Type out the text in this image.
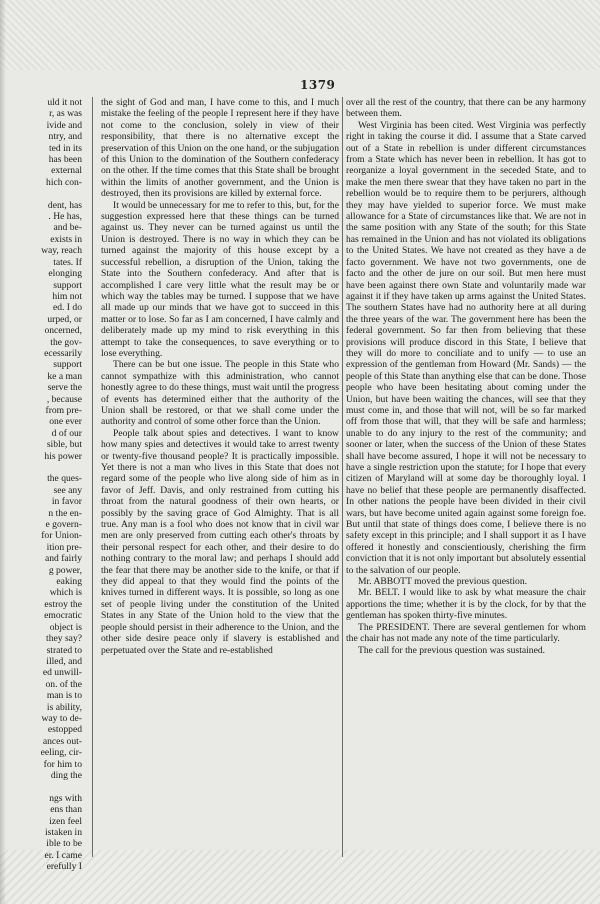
1379
uld it not
r, as was
ivide and
ntry, and
ted in its
has been
external
hich con-

dent, has
. He has,
and be-
exists in
way, reach
tates. If
elonging
support
him not
ed. I do
urped, or
oncerned,
the gov-
ecessarily
support
ke a man
serve the
, because
from pre-
one ever
d of our
sible, but
his power

the ques-
see any
in favor
n the en-
e govern-
for Union-
ition pre-
and fairly
g power,
eaking
which is
estroy the
emocratic
object is
they say?
strated to
illed, and
ed unwill-
on. of the
man is to
is ability,
way to de-
estopped
ances out-
eeling, cir-
for him to
ding the

ngs with
ens than
izen feel
istaken in
ible to be
er. I came
erefully I

the sight of God and man, I have come to this, and I much mistake the feeling of the people I represent here if they have not come to the conclusion, solely in view of their responsibility, that there is no alternative except the preservation of this Union on the one hand, or the subjugation of this Union to the domination of the Southern confederacy on the other. If the time comes that this State shall be brought within the limits of another government, and the Union is destroyed, then its provisions are killed by external force.

It would be unnecessary for me to refer to this, but, for the suggestion expressed here that these things can be turned against us. They never can be turned against us until the Union is destroyed. There is no way in which they can be turned against the majority of this house except by a successful rebellion, a disruption of the Union, taking the State into the Southern confederacy. And after that is accomplished I care very little what the result may be or which way the tables may be turned. I suppose that we have all made up our minds that we have got to succeed in this matter or to lose. So far as I am concerned, I have calmly and deliberately made up my mind to risk everything in this attempt to take the consequences, to save everything or to lose everything.

There can be but one issue. The people in this State who cannot sympathize with this administration, who cannot honestly agree to do these things, must wait until the progress of events has determined either that the authority of the Union shall be restored, or that we shall come under the authority and control of some other force than the Union.

People talk about spies and detectives. I want to know how many spies and detectives it would take to arrest twenty or twenty-five thousand people? It is practically impossible. Yet there is not a man who lives in this State that does not regard some of the people who live along side of him as in favor of Jeff. Davis, and only restrained from cutting his throat from the natural goodness of their own hearts, or possibly by the saving grace of God Almighty. That is all true. Any man is a fool who does not know that in civil war men are only preserved from cutting each other's throats by their personal respect for each other, and their desire to do nothing contrary to the moral law; and perhaps I should add the fear that there may be another side to the knife, or that if they did appeal to that they would find the points of the knives turned in different ways. It is possible, so long as one set of people living under the constitution of the United States in any State of the Union hold to the view that the people should persist in their adherence to the Union, and the other side desire peace only if slavery is established and perpetuated over the State and re-established

over all the rest of the country, that there can be any harmony between them.

West Virginia has been cited. West Virginia was perfectly right in taking the course it did. I assume that a State carved out of a State in rebellion is under different circumstances from a State which has never been in rebellion. It has got to reorganize a loyal government in the seceded State, and to make the men there swear that they have taken no part in the rebellion would be to require them to be perjurers, although they may have yielded to superior force. We must make allowance for a State of circumstances like that. We are not in the same position with any State of the south; for this State has remained in the Union and has not violated its obligations to the United States. We have not created as they have a de facto government. We have not two governments, one de facto and the other de jure on our soil. But men here must have been against there own State and voluntarily made war against it if they have taken up arms against the United States. The southern States have had no authority here at all during the three years of the war. The government here has been the federal government. So far then from believing that these provisions will produce discord in this State, I believe that they will do more to conciliate and to unify — to use an expression of the gentleman from Howard (Mr. Sands) — the people of this State than anything else that can be done. Those people who have been hesitating about coming under the Union, but have been waiting the chances, will see that they must come in, and those that will not, will be so far marked off from those that will, that they will be safe and harmless; unable to do any injury to the rest of the community; and sooner or later, when the success of the Union of these States shall have become assured, I hope it will not be necessary to have a single restriction upon the statute; for I hope that every citizen of Maryland will at some day be thoroughly loyal. I have no belief that these people are permanently disaffected. In other nations the people have been divided in their civil wars, but have become united again against some foreign foe. But until that state of things does come, I believe there is no safety except in this principle; and I shall support it as I have offered it honestly and conscientiously, cherishing the firm conviction that it is not only important but absolutely essential to the salvation of our people.

Mr. ABBOTT moved the previous question.

Mr. BELT. I would like to ask by what measure the chair apportions the time; whether it is by the clock, for by that the gentleman has spoken thirty-five minutes.

The PRESIDENT. There are several gentlemen for whom the chair has not made any note of the time particularly.

The call for the previous question was sustained.
